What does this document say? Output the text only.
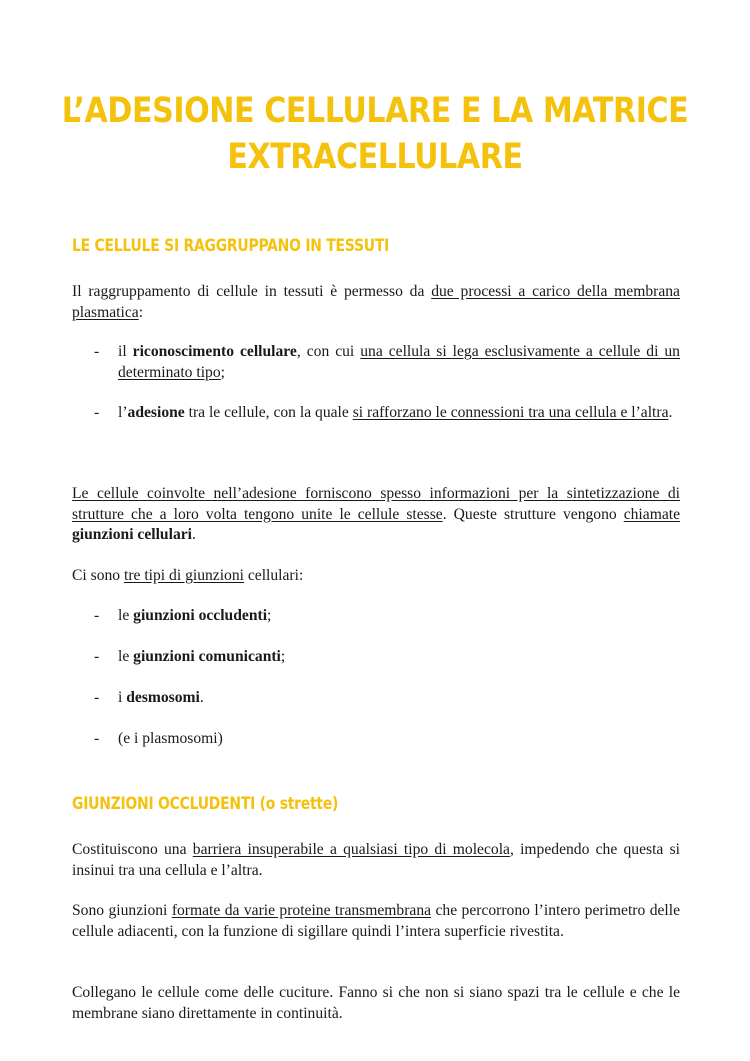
L’ADESIONE CELLULARE E LA MATRICE
EXTRACELLULARE
LE CELLULE SI RAGGRUPPANO IN TESSUTI
Il raggruppamento di cellule in tessuti è permesso da due processi a carico della membrana plasmatica:
- il riconoscimento cellulare, con cui una cellula si lega esclusivamente a cellule di un determinato tipo;
- l’adesione tra le cellule, con la quale si rafforzano le connessioni tra una cellula e l’altra.
Le cellule coinvolte nell’adesione forniscono spesso informazioni per la sintetizzazione di strutture che a loro volta tengono unite le cellule stesse. Queste strutture vengono chiamate giunzioni cellulari.
Ci sono tre tipi di giunzioni cellulari:
- le giunzioni occludenti;
- le giunzioni comunicanti;
- i desmosomi.
- (e i plasmosomi)
GIUNZIONI OCCLUDENTI (o strette)
Costituiscono una barriera insuperabile a qualsiasi tipo di molecola, impedendo che questa si insinui tra una cellula e l’altra.
Sono giunzioni formate da varie proteine transmembrana che percorrono l’intero perimetro delle cellule adiacenti, con la funzione di sigillare quindi l’intera superficie rivestita.
Collegano le cellule come delle cuciture. Fanno si che non si siano spazi tra le cellule e che le membrane siano direttamente in continuità.
